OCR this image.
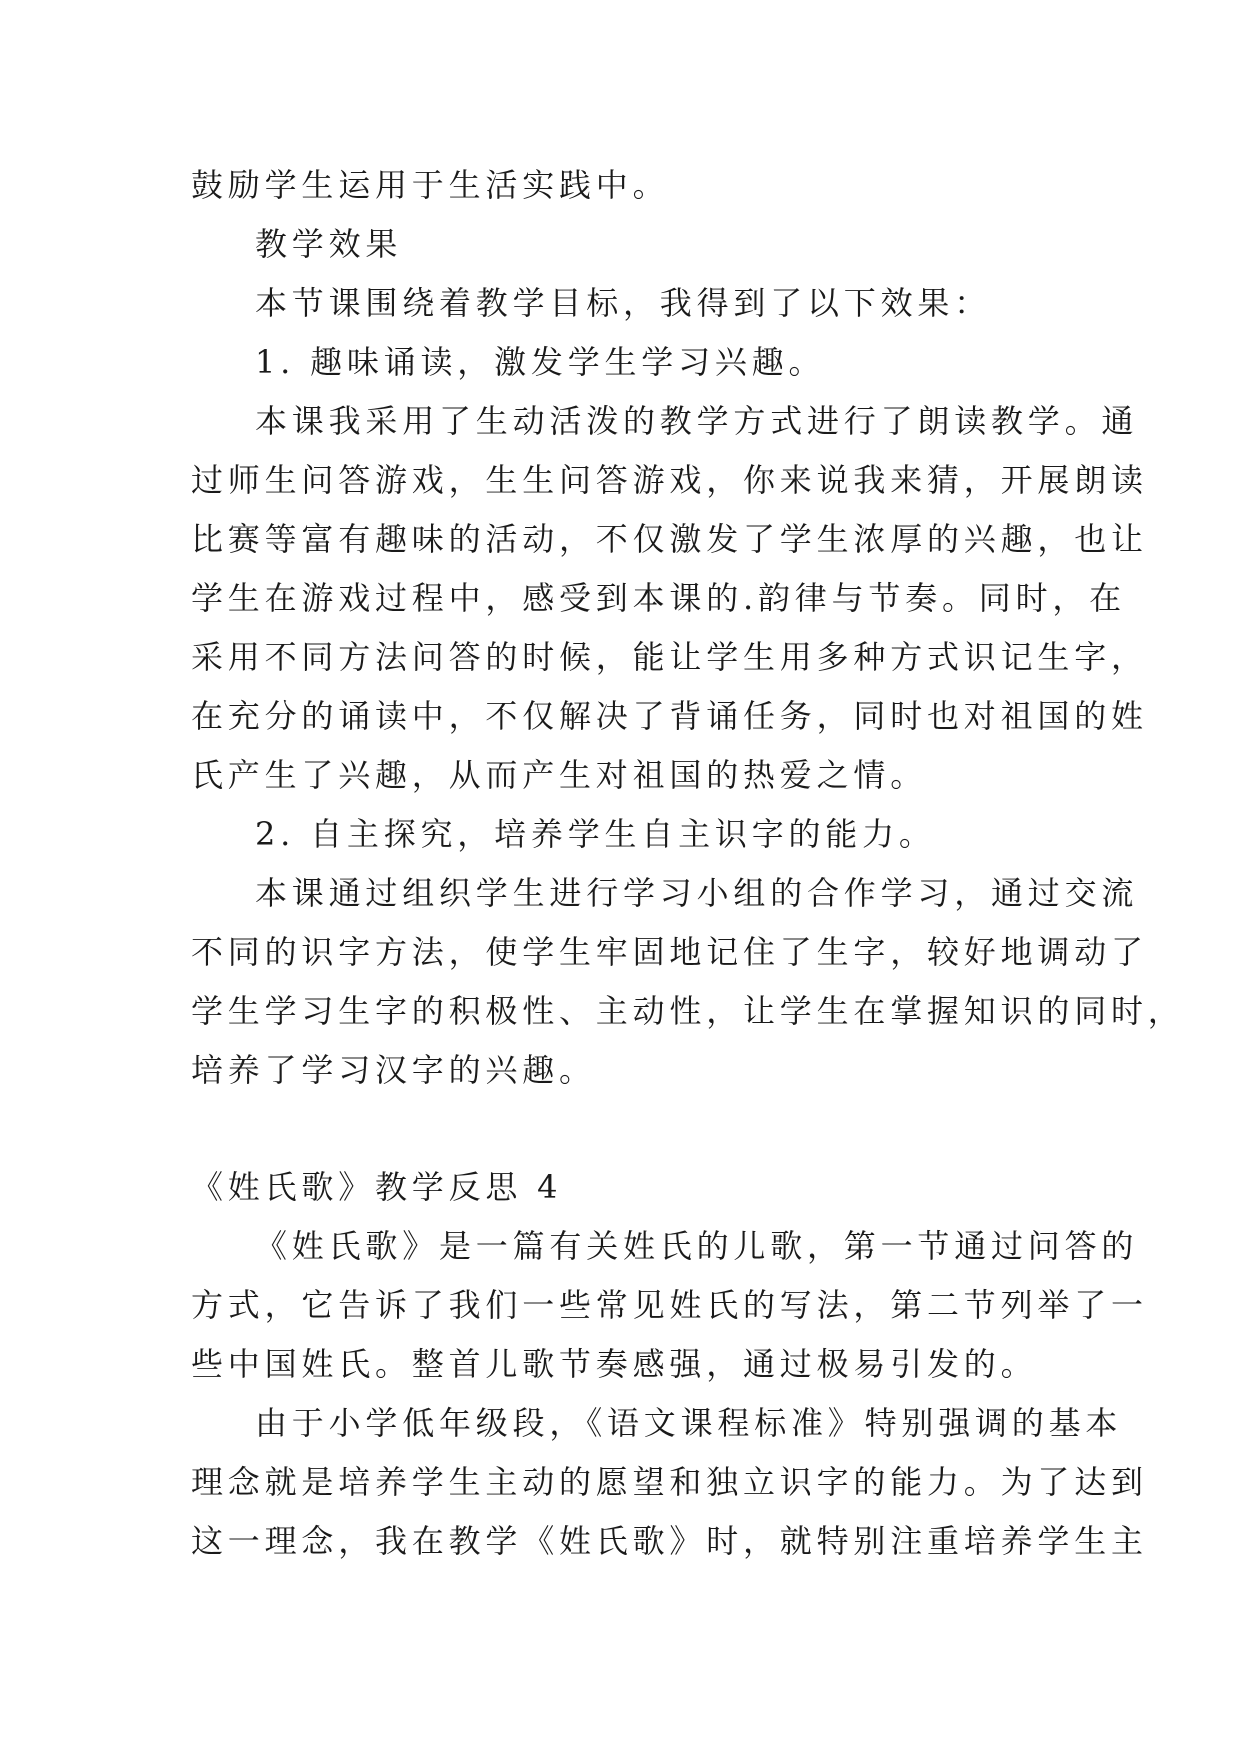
鼓励学生运用于生活实践中。
教学效果
本节课围绕着教学目标，我得到了以下效果：
1. 趣味诵读，激发学生学习兴趣。
本课我采用了生动活泼的教学方式进行了朗读教学。通
过师生问答游戏，生生问答游戏，你来说我来猜，开展朗读
比赛等富有趣味的活动，不仅激发了学生浓厚的兴趣，也让
学生在游戏过程中，感受到本课的.韵律与节奏。同时，在
采用不同方法问答的时候，能让学生用多种方式识记生字，
在充分的诵读中，不仅解决了背诵任务，同时也对祖国的姓
氏产生了兴趣，从而产生对祖国的热爱之情。
2. 自主探究，培养学生自主识字的能力。
本课通过组织学生进行学习小组的合作学习，通过交流
不同的识字方法，使学生牢固地记住了生字，较好地调动了
学生学习生字的积极性、主动性，让学生在掌握知识的同时，
培养了学习汉字的兴趣。
《姓氏歌》教学反思 4
《姓氏歌》是一篇有关姓氏的儿歌，第一节通过问答的
方式，它告诉了我们一些常见姓氏的写法，第二节列举了一
些中国姓氏。整首儿歌节奏感强，通过极易引发的。
由于小学低年级段，《语文课程标准》特别强调的基本
理念就是培养学生主动的愿望和独立识字的能力。为了达到
这一理念，我在教学《姓氏歌》时，就特别注重培养学生主
